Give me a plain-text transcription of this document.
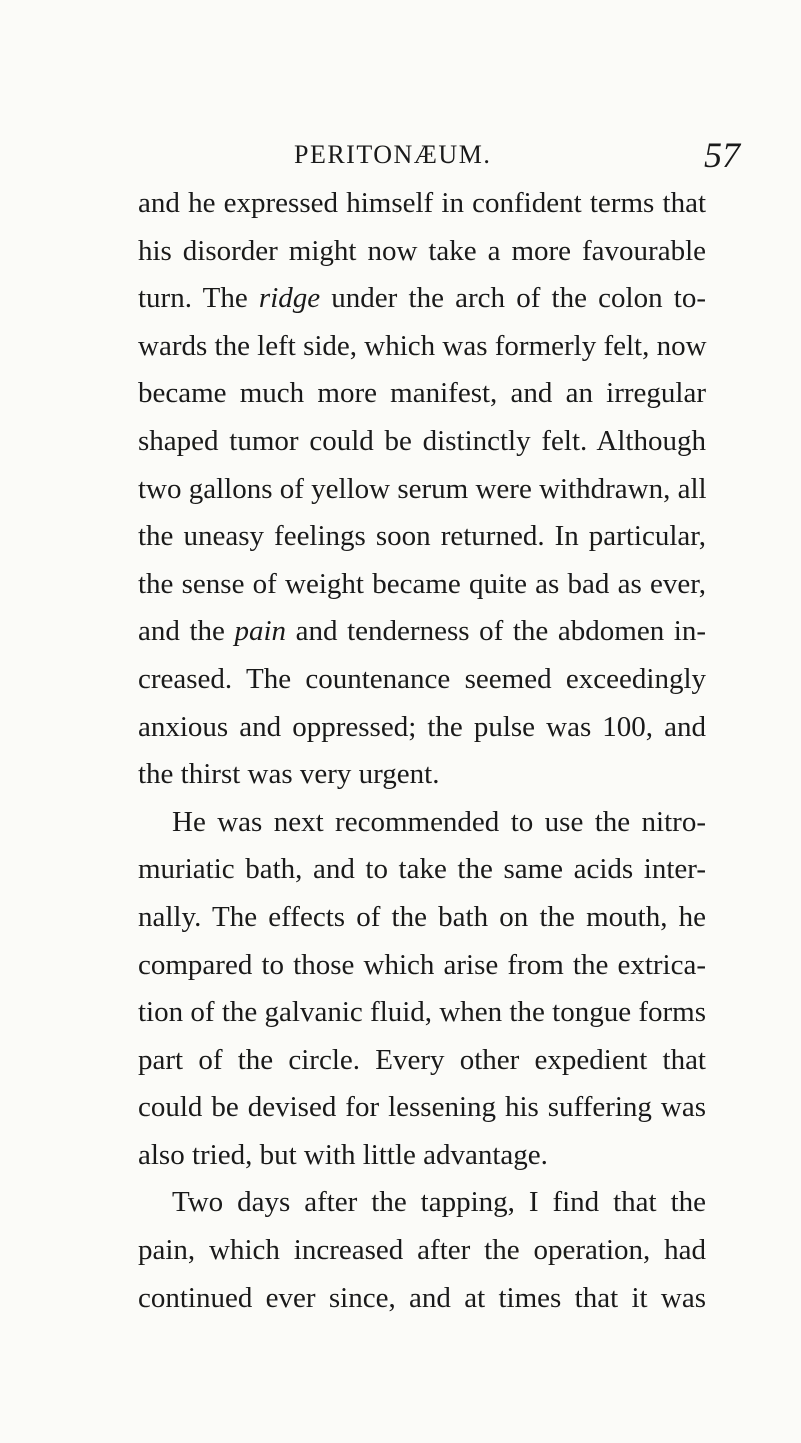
PERITONÆUM.	57
and he expressed himself in confident terms that
his disorder might now take a more favourable
turn. The ridge under the arch of the colon to-
wards the left side, which was formerly felt, now
became much more manifest, and an irregular
shaped tumor could be distinctly felt. Although
two gallons of yellow serum were withdrawn, all
the uneasy feelings soon returned. In particular,
the sense of weight became quite as bad as ever,
and the pain and tenderness of the abdomen in-
creased. The countenance seemed exceedingly
anxious and oppressed; the pulse was 100, and
the thirst was very urgent.
He was next recommended to use the nitro-
muriatic bath, and to take the same acids inter-
nally. The effects of the bath on the mouth, he
compared to those which arise from the extrica-
tion of the galvanic fluid, when the tongue forms
part of the circle. Every other expedient that
could be devised for lessening his suffering was
also tried, but with little advantage.
Two days after the tapping, I find that the
pain, which increased after the operation, had
continued ever since, and at times that it was
